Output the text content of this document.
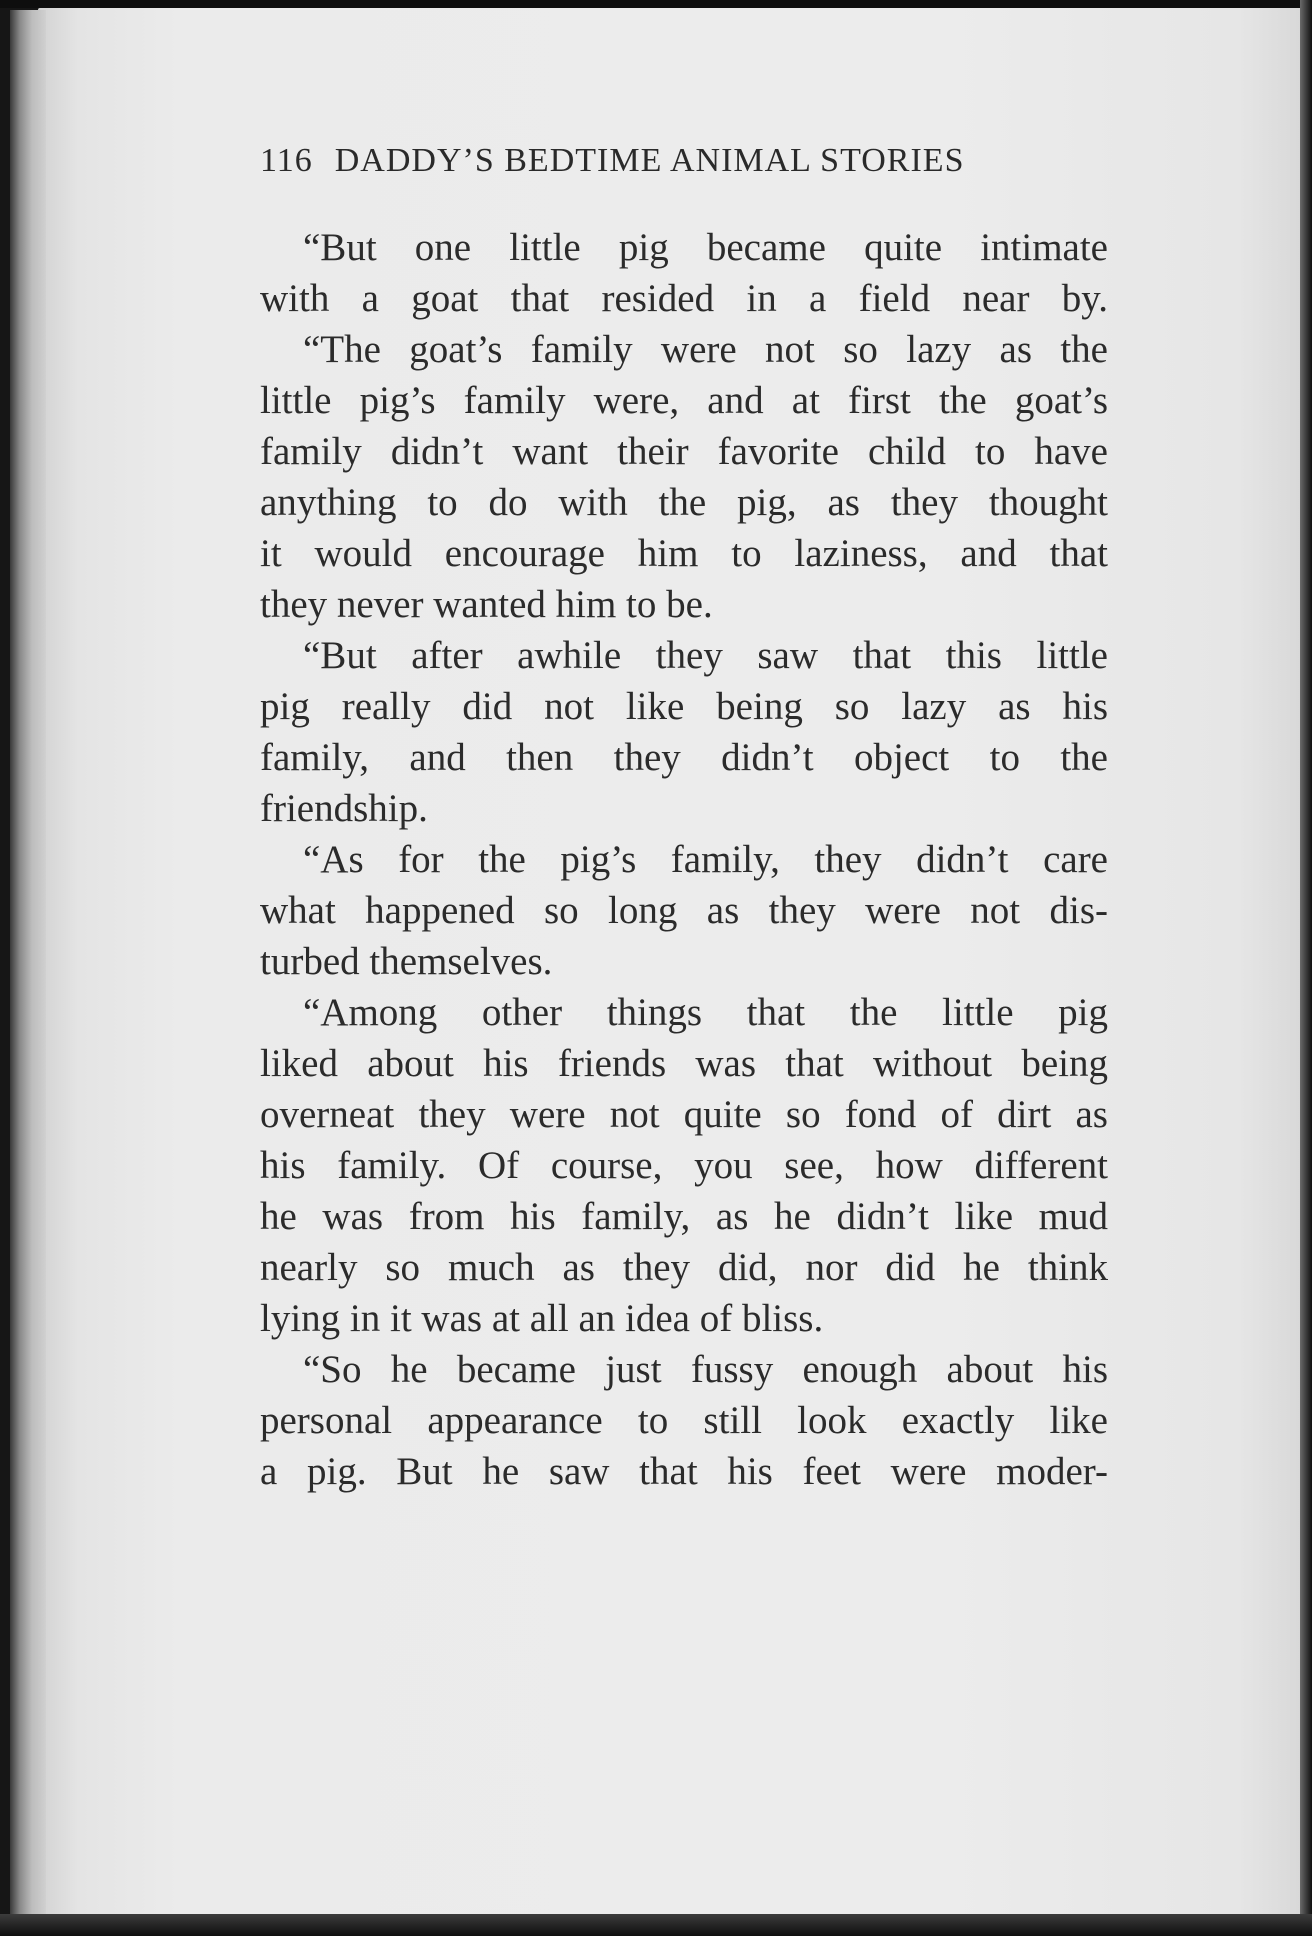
116 DADDY’S BEDTIME ANIMAL STORIES
“But one little pig became quite intimate
with a goat that resided in a field near by.
“The goat’s family were not so lazy as the
little pig’s family were, and at first the goat’s
family didn’t want their favorite child to have
anything to do with the pig, as they thought
it would encourage him to laziness, and that
they never wanted him to be.
“But after awhile they saw that this little
pig really did not like being so lazy as his
family, and then they didn’t object to the
friendship.
“As for the pig’s family, they didn’t care
what happened so long as they were not dis-
turbed themselves.
“Among other things that the little pig
liked about his friends was that without being
overneat they were not quite so fond of dirt as
his family. Of course, you see, how different
he was from his family, as he didn’t like mud
nearly so much as they did, nor did he think
lying in it was at all an idea of bliss.
“So he became just fussy enough about his
personal appearance to still look exactly like
a pig. But he saw that his feet were moder-
